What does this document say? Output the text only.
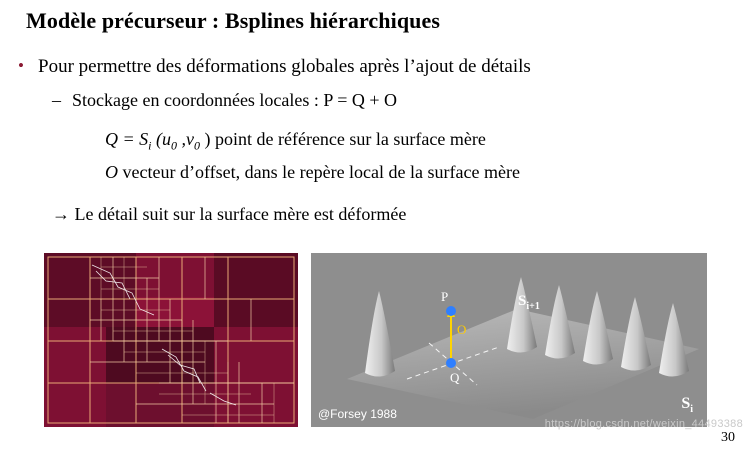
Modèle précurseur : Bsplines hiérarchiques
• Pour permettre des déformations globales après l’ajout de détails
– Stockage en coordonnées locales : P = Q + O
$Q = S_i$ ($u_0$ $,v_0$ ) point de référence sur la surface mère
O vecteur d’offset, dans le repère local de la surface mère
→ Le détail suit sur la surface mère est déformée
P
Q
O
$S_{i+1}$
$S_i$
@Forsey 1988
https://blog.csdn.net/weixin_44493388
30
